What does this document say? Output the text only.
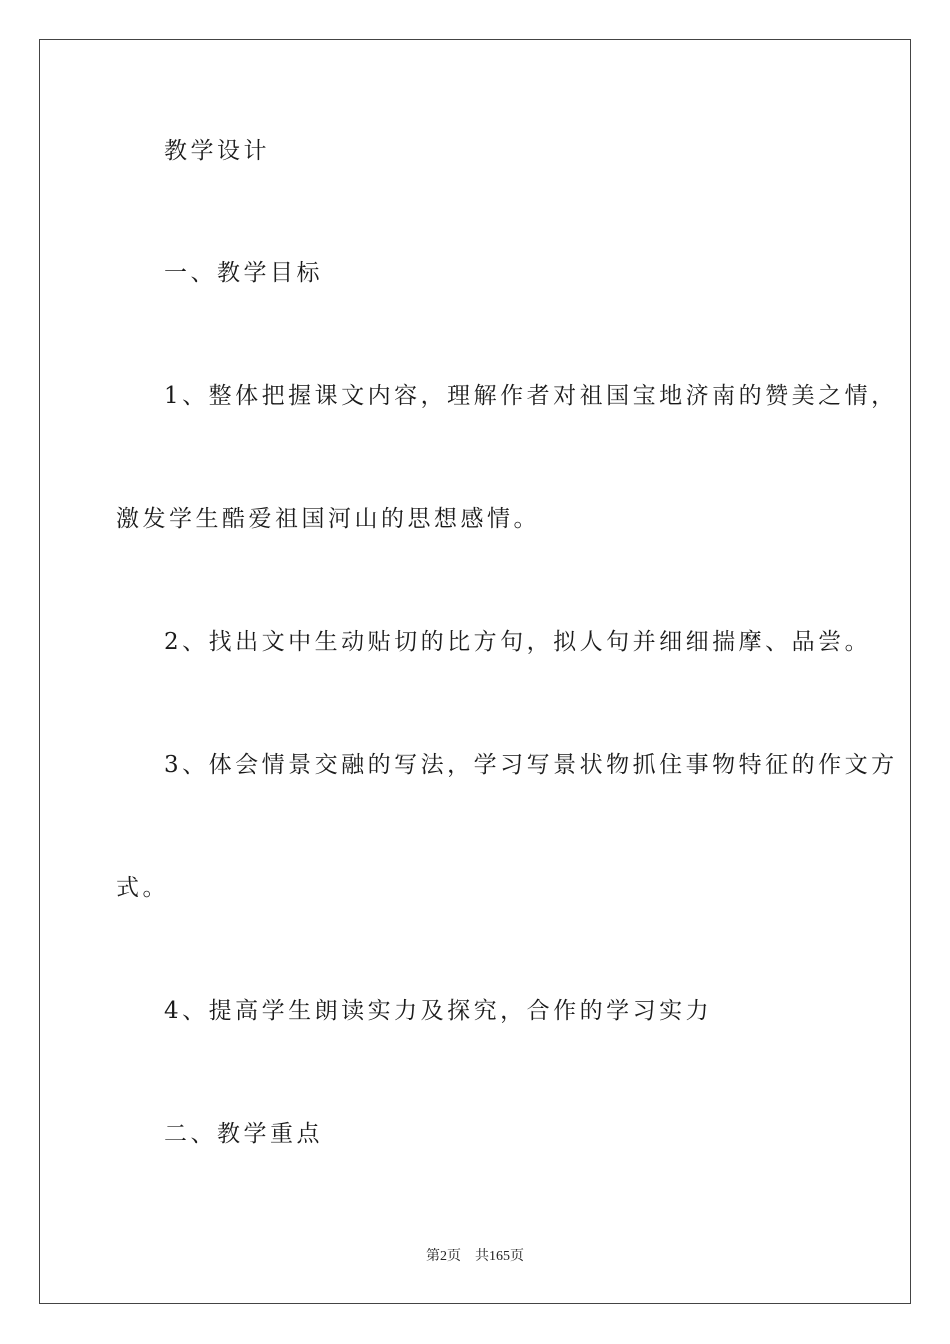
教学设计
一、教学目标
1、整体把握课文内容，理解作者对祖国宝地济南的赞美之情，
激发学生酷爱祖国河山的思想感情。
2、找出文中生动贴切的比方句，拟人句并细细揣摩、品尝。
3、体会情景交融的写法，学习写景状物抓住事物特征的作文方
式。
4、提高学生朗读实力及探究，合作的学习实力
二、教学重点
第2页 共165页
